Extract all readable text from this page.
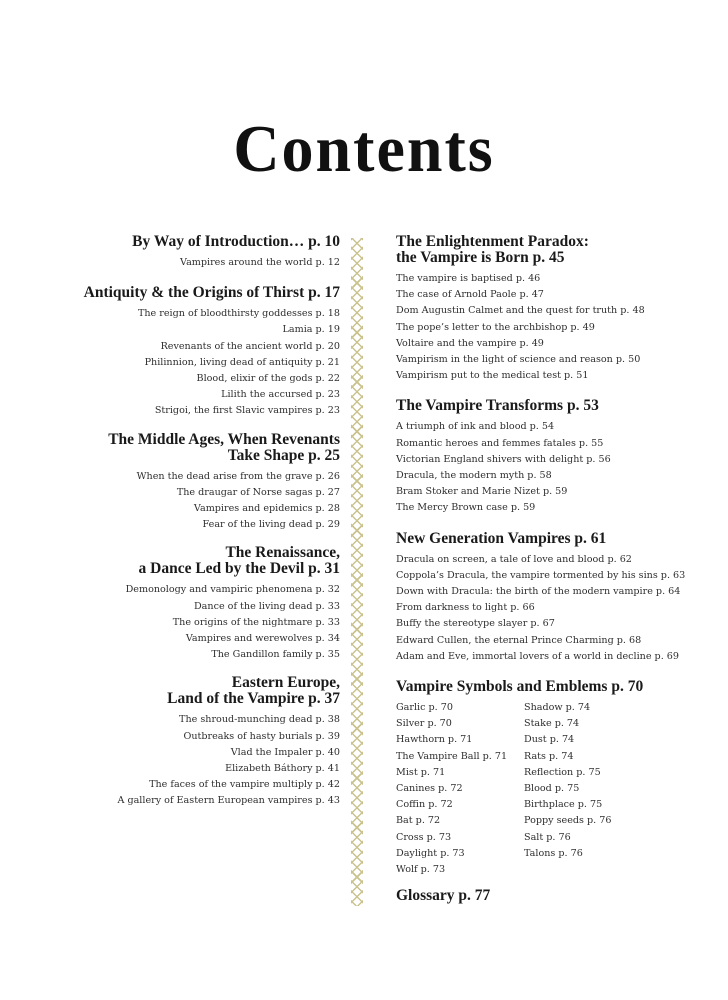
Contents
By Way of Introduction… p. 10
Vampires around the world p. 12
Antiquity & the Origins of Thirst p. 17
The reign of bloodthirsty goddesses p. 18
Lamia p. 19
Revenants of the ancient world p. 20
Philinnion, living dead of antiquity p. 21
Blood, elixir of the gods p. 22
Lilith the accursed p. 23
Strigoi, the first Slavic vampires p. 23
The Middle Ages, When Revenants
Take Shape p. 25
When the dead arise from the grave p. 26
The draugar of Norse sagas p. 27
Vampires and epidemics p. 28
Fear of the living dead p. 29
The Renaissance,
a Dance Led by the Devil p. 31
Demonology and vampiric phenomena p. 32
Dance of the living dead p. 33
The origins of the nightmare p. 33
Vampires and werewolves p. 34
The Gandillon family p. 35
Eastern Europe,
Land of the Vampire p. 37
The shroud-munching dead p. 38
Outbreaks of hasty burials p. 39
Vlad the Impaler p. 40
Elizabeth Báthory p. 41
The faces of the vampire multiply p. 42
A gallery of Eastern European vampires p. 43
The Enlightenment Paradox:
the Vampire is Born p. 45
The vampire is baptised p. 46
The case of Arnold Paole p. 47
Dom Augustin Calmet and the quest for truth p. 48
The pope’s letter to the archbishop p. 49
Voltaire and the vampire p. 49
Vampirism in the light of science and reason p. 50
Vampirism put to the medical test p. 51
The Vampire Transforms p. 53
A triumph of ink and blood p. 54
Romantic heroes and femmes fatales p. 55
Victorian England shivers with delight p. 56
Dracula, the modern myth p. 58
Bram Stoker and Marie Nizet p. 59
The Mercy Brown case p. 59
New Generation Vampires p. 61
Dracula on screen, a tale of love and blood p. 62
Coppola’s Dracula, the vampire tormented by his sins p. 63
Down with Dracula: the birth of the modern vampire p. 64
From darkness to light p. 66
Buffy the stereotype slayer p. 67
Edward Cullen, the eternal Prince Charming p. 68
Adam and Eve, immortal lovers of a world in decline p. 69
Vampire Symbols and Emblems p. 70
Garlic p. 70
Silver p. 70
Hawthorn p. 71
The Vampire Ball p. 71
Mist p. 71
Canines p. 72
Coffin p. 72
Bat p. 72
Cross p. 73
Daylight p. 73
Wolf p. 73
Shadow p. 74
Stake p. 74
Dust p. 74
Rats p. 74
Reflection p. 75
Blood p. 75
Birthplace p. 75
Poppy seeds p. 76
Salt p. 76
Talons p. 76
Glossary p. 77
